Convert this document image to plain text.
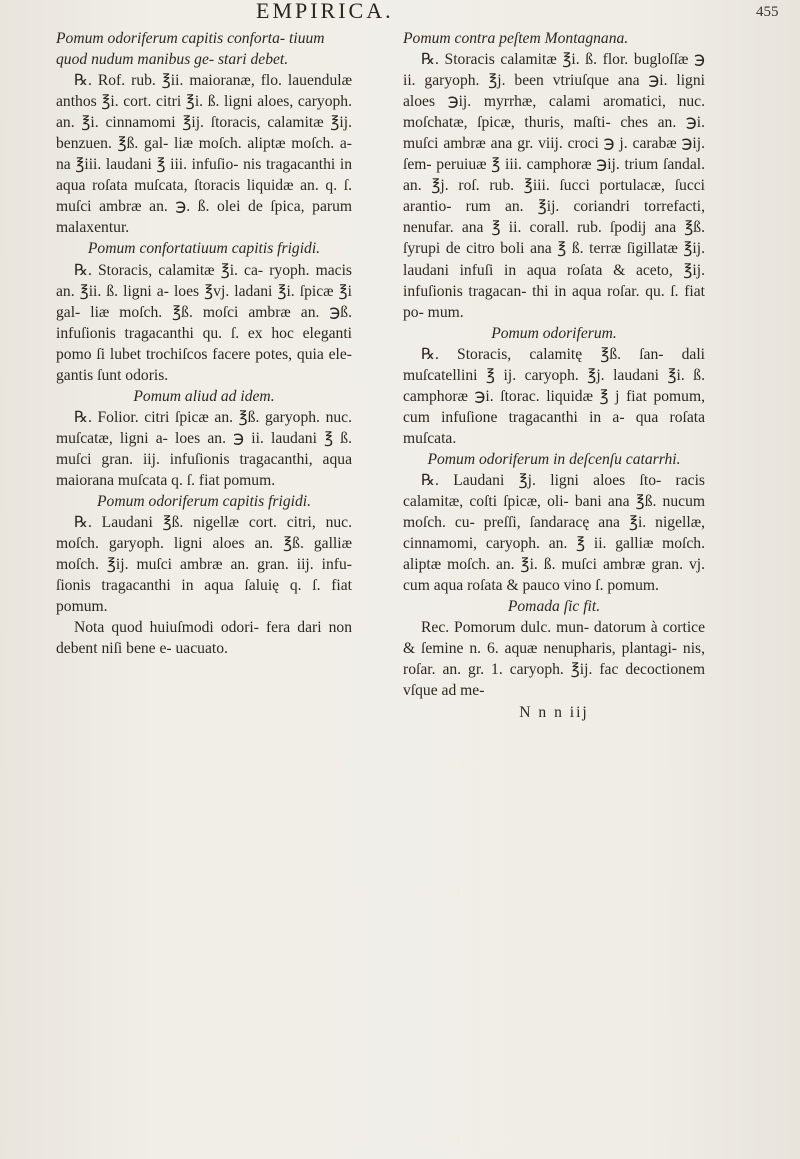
EMPIRICA.	455

Pomum odoriferum capitis conforta- tiuum quod nudum manibus ge- stari debet.

℞. Rof. rub. ℥ii. maioranæ, flo. lauendulæ anthos ℥i. cort. citri ℥i. ß. ligni aloes, caryoph. an. ℥i. cinnamomi ℥ij. ſtoracis, calamitæ ℥ij. benzuen. ℥ß. gal- liæ moſch. aliptæ moſch. a- na ℥iii. laudani ℥ iii. infuſio- nis tragacanthi in aqua roſata muſcata, ſtoracis liquidæ an. q. ſ. muſci ambræ an. ℈. ß. olei de ſpica, parum malaxentur.

Pomum confortatiuum capitis frigidi.

℞. Storacis, calamitæ ℥i. ca- ryoph. macis an. ℥ii. ß. ligni a- loes ℥vj. ladani ℥i. ſpicæ ℥i gal- liæ moſch. ℥ß. moſci ambræ an. ℈ß. infuſionis tragacanthi qu. ſ. ex hoc eleganti pomo ſi lubet trochiſcos facere potes, quia ele- gantis ſunt odoris.

Pomum aliud ad idem.

℞. Folior. citri ſpicæ an. ℥ß. garyoph. nuc. muſcatæ, ligni a- loes an. ℈ ii. laudani ℥ ß. muſci gran. iij. infuſionis tragacanthi, aqua maiorana muſcata q. ſ. fiat pomum.

Pomum odoriferum capitis frigidi.

℞. Laudani ℥ß. nigellæ cort. citri, nuc. moſch. garyoph. ligni aloes an. ℥ß. galliæ moſch. ℥ij. muſci ambræ an. gran. iij. infu- ſionis tragacanthi in aqua ſaluię q. ſ. fiat pomum.

Nota quod huiuſmodi odori- fera dari non debent niſi bene e- uacuato.

Pomum contra peſtem Montagnana.

℞. Storacis calamitæ ℥i. ß. flor. bugloſſæ ℈ ii. garyoph. ℥j. been vtriuſque ana ℈i. ligni aloes ℈ij. myrrhæ, calami aromatici, nuc. moſchatæ, ſpicæ, thuris, maſti- ches an. ℈i. muſci ambræ ana gr. viij. croci ℈ j. carabæ ℈ij. ſem- peruiuæ ℥ iii. camphoræ ℈ij. trium ſandal. an. ℥j. roſ. rub. ℥iii. ſucci portulacæ, ſucci arantio- rum an. ℥ij. coriandri torrefacti, nenufar. ana ℥ ii. corall. rub. ſpodij ana ℥ß. ſyrupi de citro boli ana ℥ ß. terræ ſigillatæ ℥ij. laudani infuſi in aqua roſata & aceto, ℥ij. infuſionis tragacan- thi in aqua roſar. qu. ſ. fiat po- mum.

Pomum odoriferum.

℞. Storacis, calamitę ℥ß. ſan- dali muſcatellini ℥ ij. caryoph. ℥j. laudani ℥i. ß. camphoræ ℈i. ſtorac. liquidæ ℥ j fiat pomum, cum infuſione tragacanthi in a- qua roſata muſcata.

Pomum odoriferum in deſcenſu catarrhi.

℞. Laudani ℥j. ligni aloes ſto- racis calamitæ, coſti ſpicæ, oli- bani ana ℥ß. nucum moſch. cu- preſſi, ſandaracę ana ℥i. nigellæ, cinnamomi, caryoph. an. ℥ ii. galliæ moſch. aliptæ moſch. an. ℥i. ß. muſci ambræ gran. vj. cum aqua roſata & pauco vino ſ. pomum.

Pomada ſic fit.

Rec. Pomorum dulc. mun- datorum à cortice & ſemine n. 6. aquæ nenupharis, plantagi- nis, roſar. an. gr. 1. caryoph. ℥ij. fac decoctionem vſque ad me-

N n n iij
